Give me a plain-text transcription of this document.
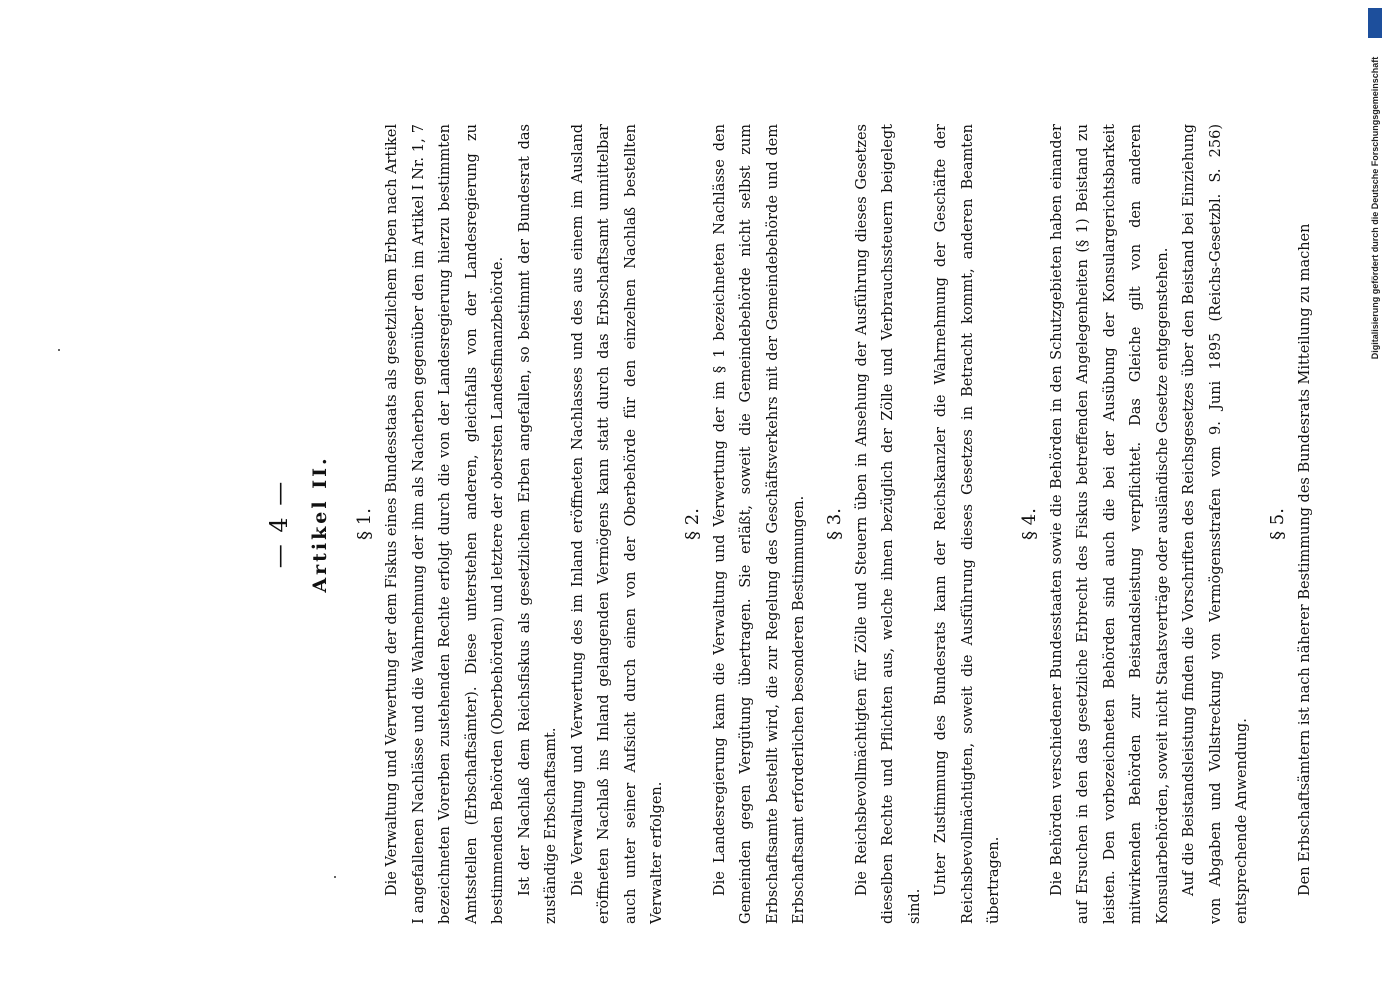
— 4 — Artikel II. § 1. Die Verwaltung und Verwertung der dem Fiskus eines Bundesstaats als gesetzlichem Erben nach Artikel I angefallenen Nachlässe und die Wahrnehmung der ihm als Nacherben gegenüber den im Artikel I Nr. 1, 7 bezeichneten Vorerben zustehenden Rechte erfolgt durch die von der Landesregierung hierzu bestimmten Amtsstellen (Erbschaftsämter). Diese unterstehen anderen, gleichfalls von der Landesregierung zu bestimmenden Behörden (Oberbehörden) und letztere der obersten Landesfinanzbehörde. Ist der Nachlaß dem Reichsfiskus als gesetzlichem Erben angefallen, so bestimmt der Bundesrat das zuständige Erbschaftsamt. Die Verwaltung und Verwertung des im Inland eröffneten Nachlasses und des aus einem im Ausland eröffneten Nachlaß ins Inland gelangenden Vermögens kann statt durch das Erbschaftsamt unmittelbar auch unter seiner Aufsicht durch einen von der Oberbehörde für den einzelnen Nachlaß bestellten Verwalter erfolgen.

§ 2. Die Landesregierung kann die Verwaltung und Verwertung der im § 1 bezeichneten Nachlässe den Gemeinden gegen Vergütung übertragen. Sie erläßt, soweit die Gemeindebehörde nicht selbst zum Erbschaftsamte bestellt wird, die zur Regelung des Geschäftsverkehrs mit der Gemeindebehörde und dem Erbschaftsamt erforderlichen besonderen Bestimmungen. § 3. Die Reichsbevollmächtigten für Zölle und Steuern üben in Ansehung der Ausführung dieses Gesetzes dieselben Rechte und Pflichten aus, welche ihnen bezüglich der Zölle und Verbrauchssteuern beigelegt sind.

Unter Zustimmung des Bundesrats kann der Reichskanzler die Wahrnehmung der Geschäfte der Reichsbevollmächtigten, soweit die Ausführung dieses Gesetzes in Betracht kommt, anderen Beamten übertragen.

§ 4. Die Behörden verschiedener Bundesstaaten sowie die Behörden in den Schutzgebieten haben einander auf Ersuchen in den das gesetzliche Erbrecht des Fiskus betreffenden Angelegenheiten (§ 1) Beistand zu leisten. Den vorbezeichneten Behörden sind auch die bei der Ausübung der Konsulargerichtsbarkeit mitwirkenden Behörden zur Beistandsleistung verpflichtet. Das Gleiche gilt von den anderen Konsularbehörden, soweit nicht Staatsverträge oder ausländische Gesetze entgegenstehen. Auf die Beistandsleistung finden die Vorschriften des Reichsgesetzes über den Beistand bei Einziehung von Abgaben und Vollstreckung von Vermögensstrafen vom 9. Juni 1895 (Reichs-Gesetzbl. S. 256) entsprechende Anwendung.

§ 5. Den Erbschaftsämtern ist nach näherer Bestimmung des Bundesrats Mitteilung zu machen

Digitalisierung gefördert durch die Deutsche Forschungsgemeinschaft
